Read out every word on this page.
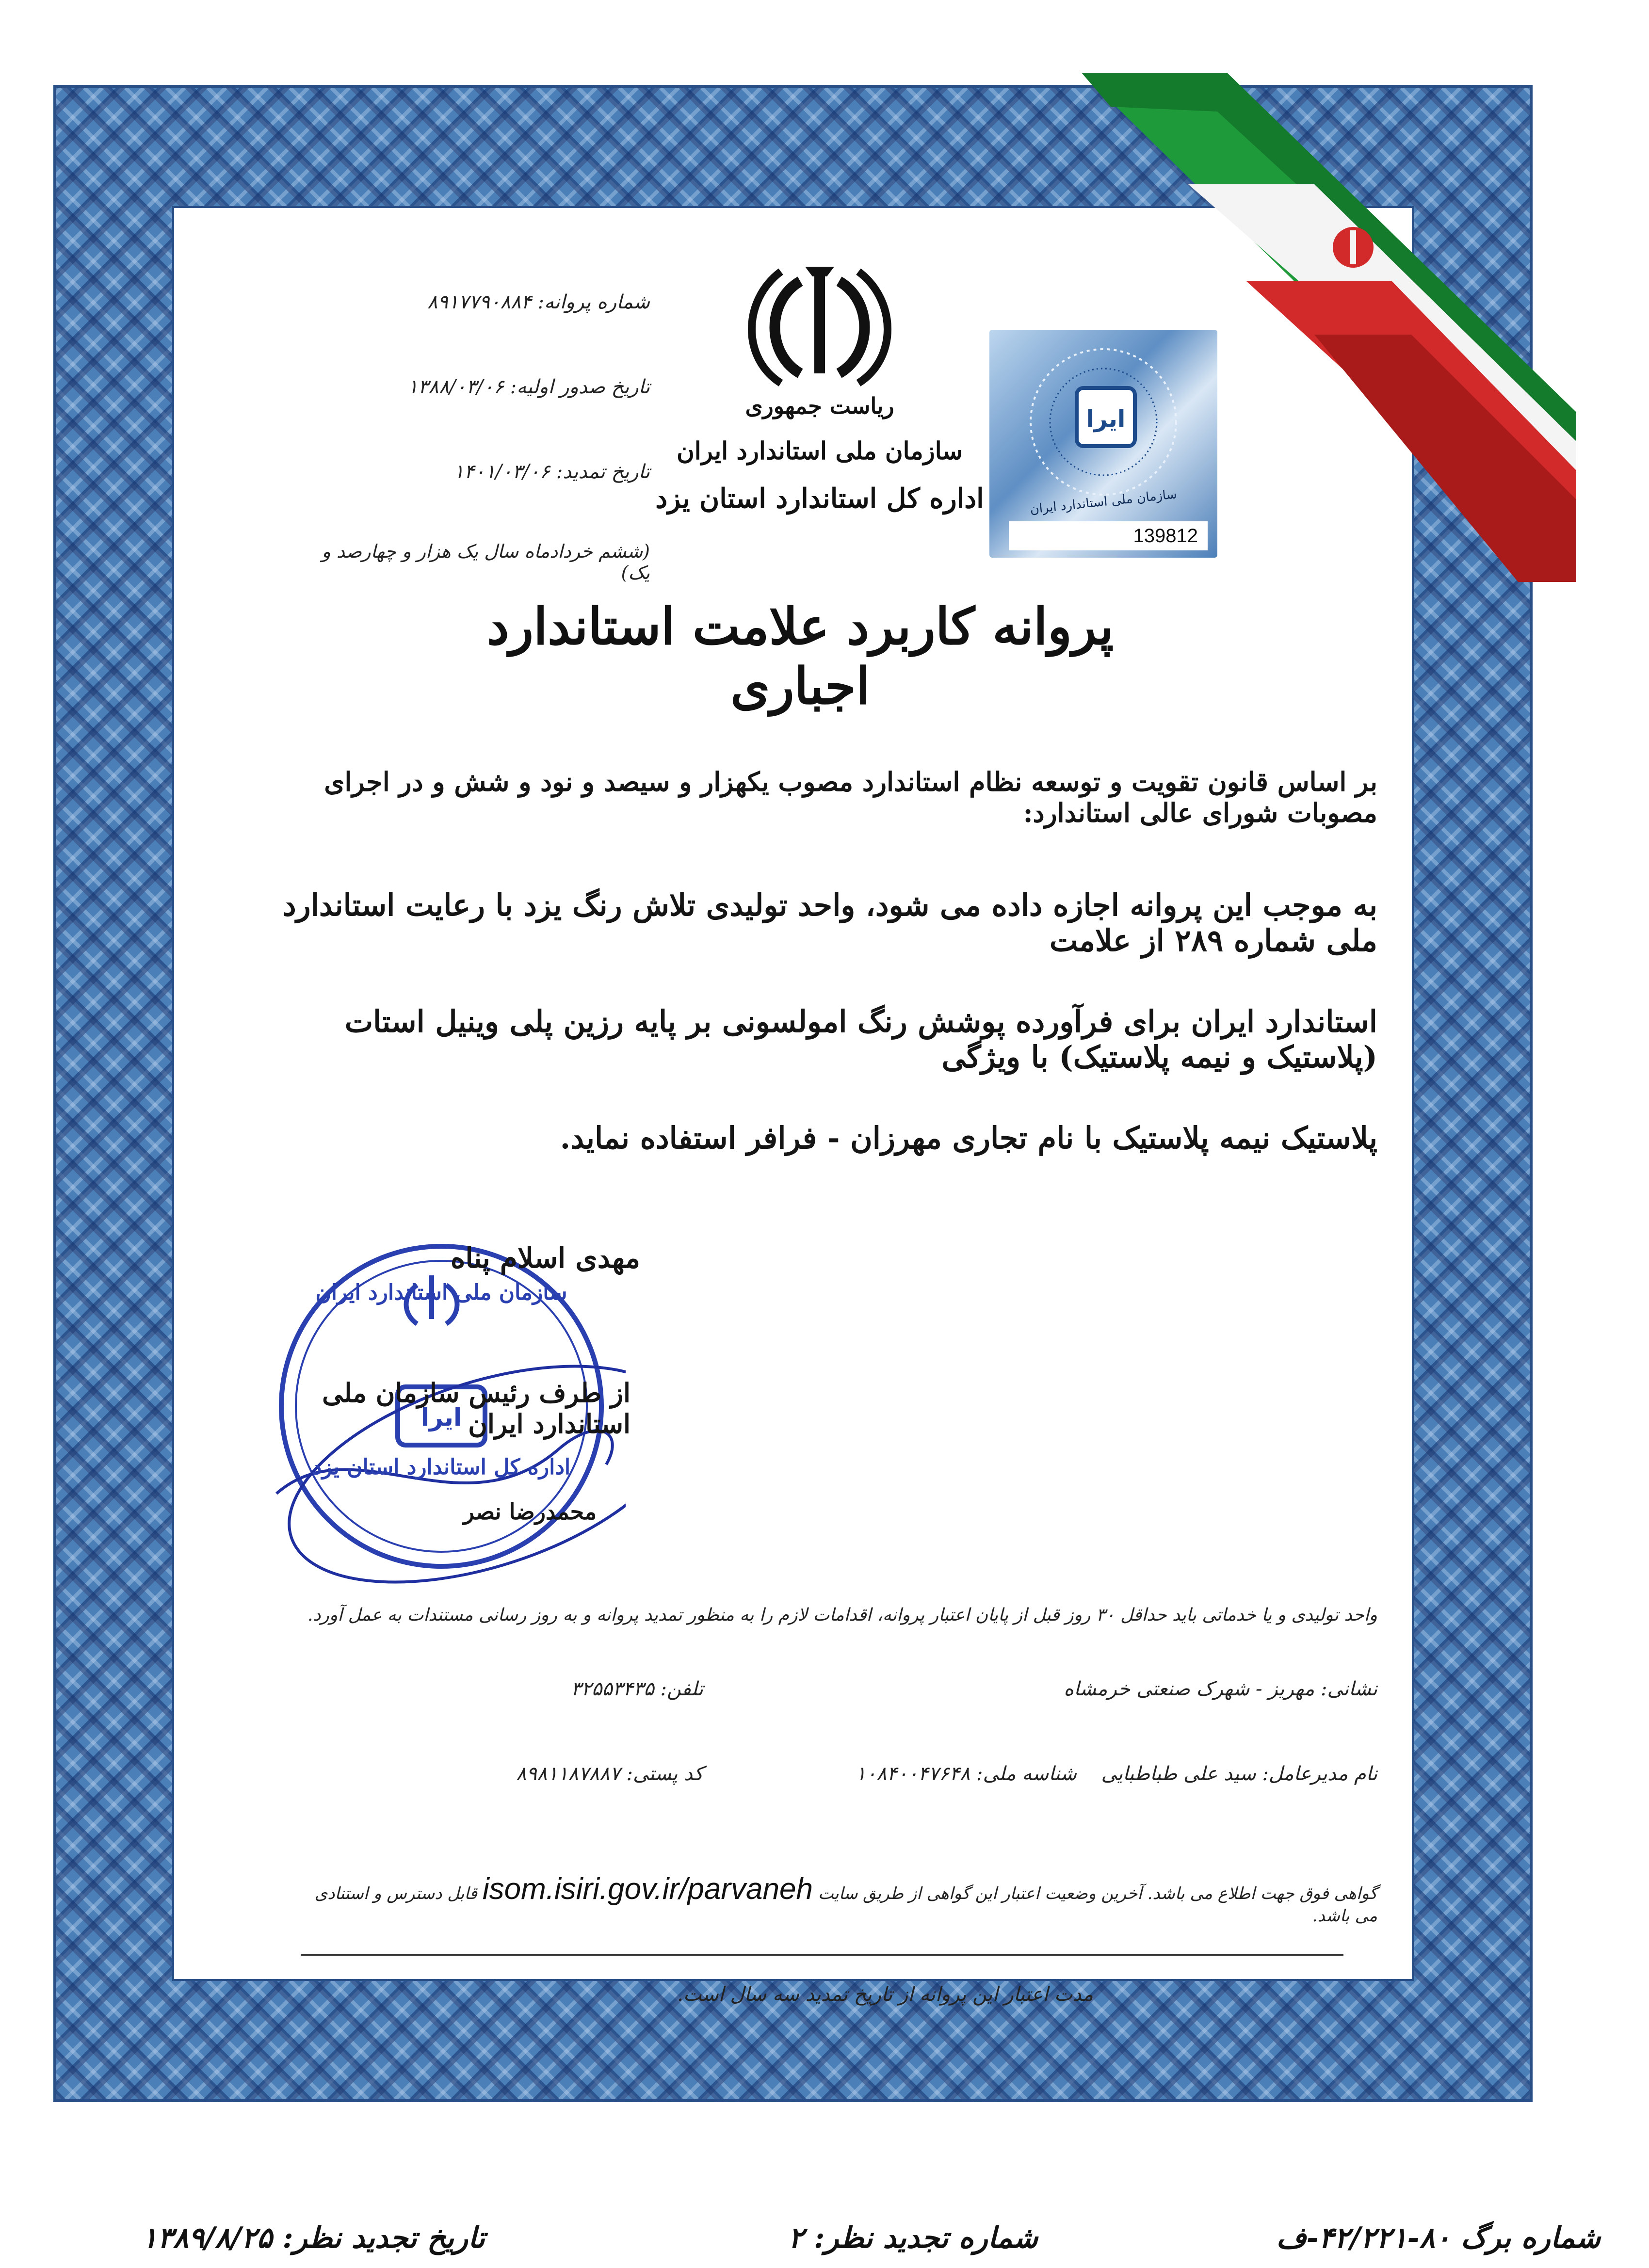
ایرا
سازمان ملی استاندارد ایران
139812
ریاست جمهوری
سازمان ملی استاندارد ایران
اداره کل استاندارد استان یزد
شماره پروانه: ۸۹۱۷۷۹۰۸۸۴
تاریخ صدور اولیه: ۱۳۸۸/۰۳/۰۶
تاریخ تمدید: ۱۴۰۱/۰۳/۰۶
(ششم خردادماه سال یک هزار و چهارصد و یک)
پروانه کاربرد علامت استاندارد اجباری
بر اساس قانون تقویت و توسعه نظام استاندارد مصوب یکهزار و سیصد و نود و شش و در اجرای مصوبات شورای عالی استاندارد:
به موجب این پروانه اجازه داده می شود، واحد تولیدی تلاش رنگ یزد با رعایت استاندارد ملی شماره ۲۸۹ از علامت
استاندارد ایران برای فرآورده پوشش رنگ امولسونی بر پایه رزین پلی وینیل استات (پلاستیک و نیمه پلاستیک) با ویژگی
پلاستیک نیمه پلاستیک با نام تجاری مهرزان - فرافر استفاده نماید.
ایرا
سازمان ملی استاندارد ایران
اداره کل استاندارد استان یزد
مهدی اسلام پناه
از طرف رئیس سازمان ملی استاندارد ایران
محمدرضا نصر
واحد تولیدی و یا خدماتی باید حداقل ۳۰ روز قبل از پایان اعتبار پروانه، اقدامات لازم را به منظور تمدید پروانه و به روز رسانی مستندات به عمل آورد.
نشانی: مهریز - شهرک صنعتی خرمشاه
تلفن: ۳۲۵۵۳۴۳۵
نام مدیرعامل: سید علی طباطبایی
شناسه ملی: ۱۰۸۴۰۰۴۷۶۴۸
کد پستی: ۸۹۸۱۱۸۷۸۸۷
گواهی فوق جهت اطلاع می باشد. آخرین وضعیت اعتبار این گواهی از طریق سایت isom.isiri.gov.ir/parvaneh قابل دسترس و استنادی می باشد.
مدت اعتبار این پروانه از تاریخ تمدید سه سال است.
شماره برگ ۸۰-۴۲/۲۲۱-ف
شماره تجدید نظر: ۲
تاریخ تجدید نظر: ۱۳۸۹/۸/۲۵
